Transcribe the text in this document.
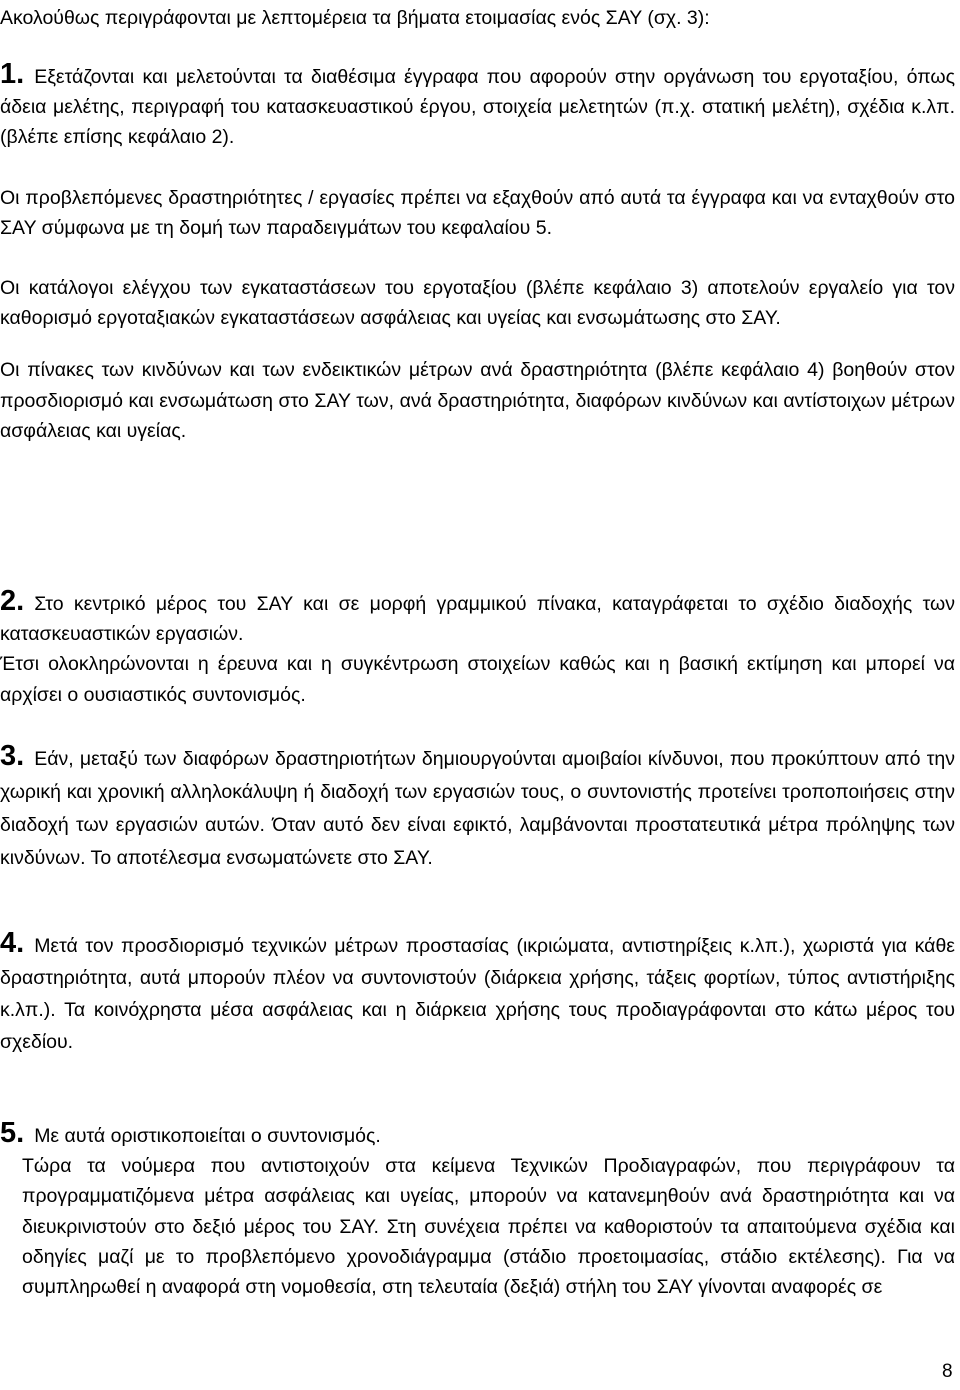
Ακολούθως περιγράφονται με λεπτομέρεια τα βήματα ετοιμασίας ενός ΣΑΥ (σχ. 3):

1. Εξετάζονται και μελετούνται τα διαθέσιμα έγγραφα που αφορούν στην οργάνωση του εργοταξίου, όπως άδεια μελέτης, περιγραφή του κατασκευαστικού έργου, στοιχεία μελετητών (π.χ. στατική μελέτη), σχέδια κ.λπ. (βλέπε επίσης κεφάλαιο 2).

Οι προβλεπόμενες δραστηριότητες / εργασίες πρέπει να εξαχθούν από αυτά τα έγγραφα και να ενταχθούν στο ΣΑΥ σύμφωνα με τη δομή των παραδειγμάτων του κεφαλαίου 5.

Οι κατάλογοι ελέγχου των εγκαταστάσεων του εργοταξίου (βλέπε κεφάλαιο 3) αποτελούν εργαλείο για τον καθορισμό εργοταξιακών εγκαταστάσεων ασφάλειας και υγείας και ενσωμάτωσης στο ΣΑΥ.

Οι πίνακες των κινδύνων και των ενδεικτικών μέτρων ανά δραστηριότητα (βλέπε κεφάλαιο 4) βοηθούν στον προσδιορισμό και ενσωμάτωση στο ΣΑΥ των, ανά δραστηριότητα, διαφόρων κινδύνων και αντίστοιχων μέτρων ασφάλειας και υγείας.

2. Στο κεντρικό μέρος του ΣΑΥ και σε μορφή γραμμικού πίνακα, καταγράφεται το σχέδιο διαδοχής των κατασκευαστικών εργασιών.

Έτσι ολοκληρώνονται η έρευνα και η συγκέντρωση στοιχείων καθώς και η βασική εκτίμηση και μπορεί να αρχίσει ο ουσιαστικός συντονισμός.

3. Εάν, μεταξύ των διαφόρων δραστηριοτήτων δημιουργούνται αμοιβαίοι κίνδυνοι, που προκύπτουν από την χωρική και χρονική αλληλοκάλυψη ή διαδοχή των εργασιών τους, ο συντονιστής προτείνει τροποποιήσεις στην διαδοχή των εργασιών αυτών. Όταν αυτό δεν είναι εφικτό, λαμβάνονται προστατευτικά μέτρα πρόληψης των κινδύνων. Το αποτέλεσμα ενσωματώνετε στο ΣΑΥ.

4. Μετά τον προσδιορισμό τεχνικών μέτρων προστασίας (ικριώματα, αντιστηρίξεις κ.λπ.), χωριστά για κάθε δραστηριότητα, αυτά μπορούν πλέον να συντονιστούν (διάρκεια χρήσης, τάξεις φορτίων, τύπος αντιστήριξης κ.λπ.). Τα κοινόχρηστα μέσα ασφάλειας και η διάρκεια χρήσης τους προδιαγράφονται στο κάτω μέρος του σχεδίου.

5. Με αυτά οριστικοποιείται ο συντονισμός.

Τώρα τα νούμερα που αντιστοιχούν στα κείμενα Τεχνικών Προδιαγραφών, που περιγράφουν τα προγραμματιζόμενα μέτρα ασφάλειας και υγείας, μπορούν να κατανεμηθούν ανά δραστηριότητα και να διευκρινιστούν στο δεξιό μέρος του ΣΑΥ. Στη συνέχεια πρέπει να καθοριστούν τα απαιτούμενα σχέδια και οδηγίες μαζί με το προβλεπόμενο χρονοδιάγραμμα (στάδιο προετοιμασίας, στάδιο εκτέλεσης). Για να συμπληρωθεί η αναφορά στη νομοθεσία, στη τελευταία (δεξιά) στήλη του ΣΑΥ γίνονται αναφορές σε

8
